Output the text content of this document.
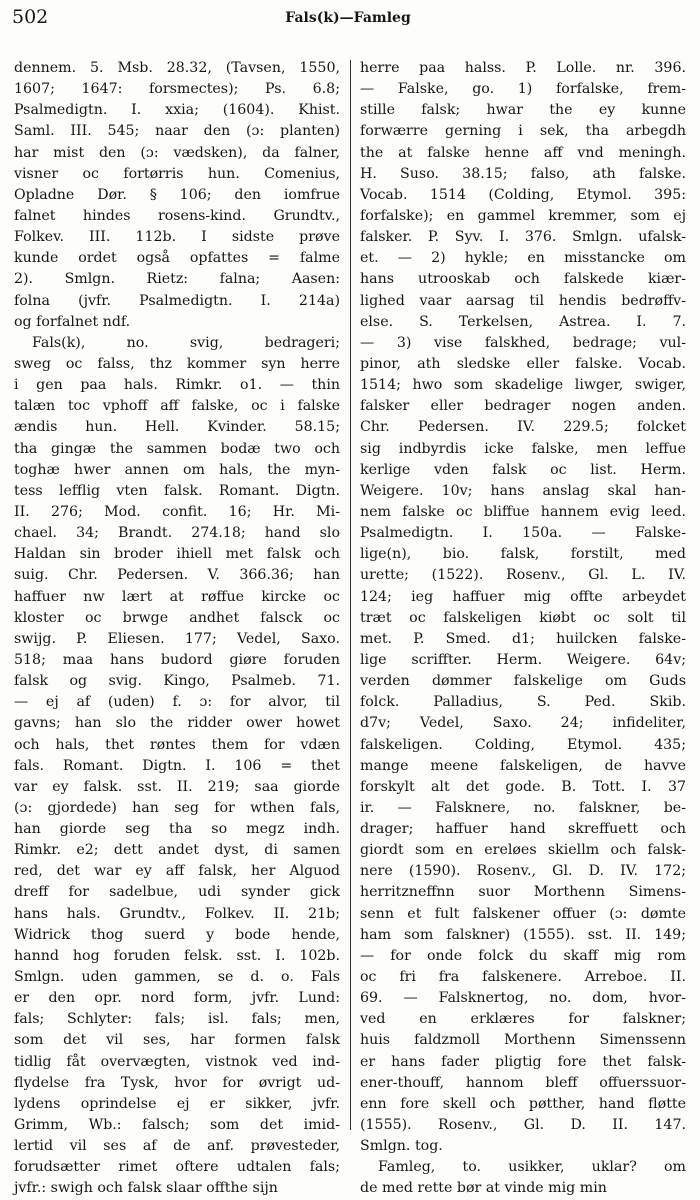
502	Fals(k)—Famleg
dennem. 5. Msb. 28.32, (Tavsen, 1550,
1607; 1647: forsmectes); Ps. 6.8;
Psalmedigtn. I. xxia; (1604). Khist.
Saml. III. 545; naar den (ɔ: planten)
har mist den (ɔ: vædsken), da falner,
visner oc fortørris hun. Comenius,
Opladne Dør. § 106; den iomfrue
falnet hindes rosens-kind. Grundtv.,
Folkev. III. 112b. I sidste prøve
kunde ordet også opfattes = falme
2). Smlgn. Rietz: falna; Aasen:
folna (jvfr. Psalmedigtn. I. 214a)
og forfalnet ndf.
Fals(k), no. svig, bedrageri;
sweg oc falss, thz kommer syn herre
i gen paa hals. Rimkr. o1. — thin
talæn toc vphoff aff falske, oc i falske
ændis hun. Hell. Kvinder. 58.15;
tha gingæ the sammen bodæ two och
toghæ hwer annen om hals, the myn-
tess lefflig vten falsk. Romant. Digtn.
II. 276; Mod. confit. 16; Hr. Mi-
chael. 34; Brandt. 274.18; hand slo
Haldan sin broder ihiell met falsk och
suig. Chr. Pedersen. V. 366.36; han
haffuer nw lært at røffue kircke oc
kloster oc brwge andhet falsck oc
swijg. P. Eliesen. 177; Vedel, Saxo.
518; maa hans budord giøre foruden
falsk og svig. Kingo, Psalmeb. 71.
— ej af (uden) f. ɔ: for alvor, til
gavns; han slo the ridder ower howet
och hals, thet røntes them for vdæn
fals. Romant. Digtn. I. 106 = thet
var ey falsk. sst. II. 219; saa giorde
(ɔ: gjordede) han seg for wthen fals,
han giorde seg tha so megz indh.
Rimkr. e2; dett andet dyst, di samen
red, det war ey aff falsk, her Alguod
dreff for sadelbue, udi synder gick
hans hals. Grundtv., Folkev. II. 21b;
Widrick thog suerd y bode hende,
hannd hog foruden felsk. sst. I. 102b.
Smlgn. uden gammen, se d. o. Fals
er den opr. nord form, jvfr. Lund:
fals; Schlyter: fals; isl. fals; men,
som det vil ses, har formen falsk
tidlig fåt overvægten, vistnok ved ind-
flydelse fra Tysk, hvor for øvrigt ud-
lydens oprindelse ej er sikker, jvfr.
Grimm, Wb.: falsch; som det imid-
lertid vil ses af de anf. prøvesteder,
forudsætter rimet oftere udtalen fals;
jvfr.: swigh och falsk slaar offthe sijn
herre paa halss. P. Lolle. nr. 396.
— Falske, go. 1) forfalske, frem-
stille falsk; hwar the ey kunne
forwærre gerning i sek, tha arbegdh
the at falske henne aff vnd meningh.
H. Suso. 38.15; falso, ath falske.
Vocab. 1514 (Colding, Etymol. 395:
forfalske); en gammel kremmer, som ej
falsker. P. Syv. I. 376. Smlgn. ufalsk-
et. — 2) hykle; en misstancke om
hans utrooskab och falskede kiær-
lighed vaar aarsag til hendis bedrøffv-
else. S. Terkelsen, Astrea. I. 7.
— 3) vise falskhed, bedrage; vul-
pinor, ath sledske eller falske. Vocab.
1514; hwo som skadelige liwger, swiger,
falsker eller bedrager nogen anden.
Chr. Pedersen. IV. 229.5; folcket
sig indbyrdis icke falske, men leffue
kerlige vden falsk oc list. Herm.
Weigere. 10v; hans anslag skal han-
nem falske oc bliffue hannem evig leed.
Psalmedigtn. I. 150a. — Falske-
lige(n), bio. falsk, forstilt, med
urette; (1522). Rosenv., Gl. L. IV.
124; ieg haffuer mig offte arbeydet
træt oc falskeligen kiøbt oc solt til
met. P. Smed. d1; huilcken falske-
lige scriffter. Herm. Weigere. 64v;
verden dømmer falskelige om Guds
folck. Palladius, S. Ped. Skib.
d7v; Vedel, Saxo. 24; infideliter,
falskeligen. Colding, Etymol. 435;
mange meene falskeligen, de havve
forskylt alt det gode. B. Tott. I. 37
ir. — Falsknere, no. falskner, be-
drager; haffuer hand skreffuett och
giordt som en ereløes skiellm och falsk-
nere (1590). Rosenv., Gl. D. IV. 172;
herritzneffnn suor Morthenn Simens-
senn et fult falskener offuer (ɔ: dømte
ham som falskner) (1555). sst. II. 149;
— for onde folck du skaff mig rom
oc fri fra falskenere. Arreboe. II.
69. — Falsknertog, no. dom, hvor-
ved en erklæres for falskner;
huis faldzmoll Morthenn Simenssenn
er hans fader pligtig fore thet falsk-
ener-thouff, hannom bleff offuerssuor-
enn fore skell och pøtther, hand fløtte
(1555). Rosenv., Gl. D. II. 147.
Smlgn. tog.
Famleg, to. usikker, uklar? om
de med rette bør at vinde mig min
